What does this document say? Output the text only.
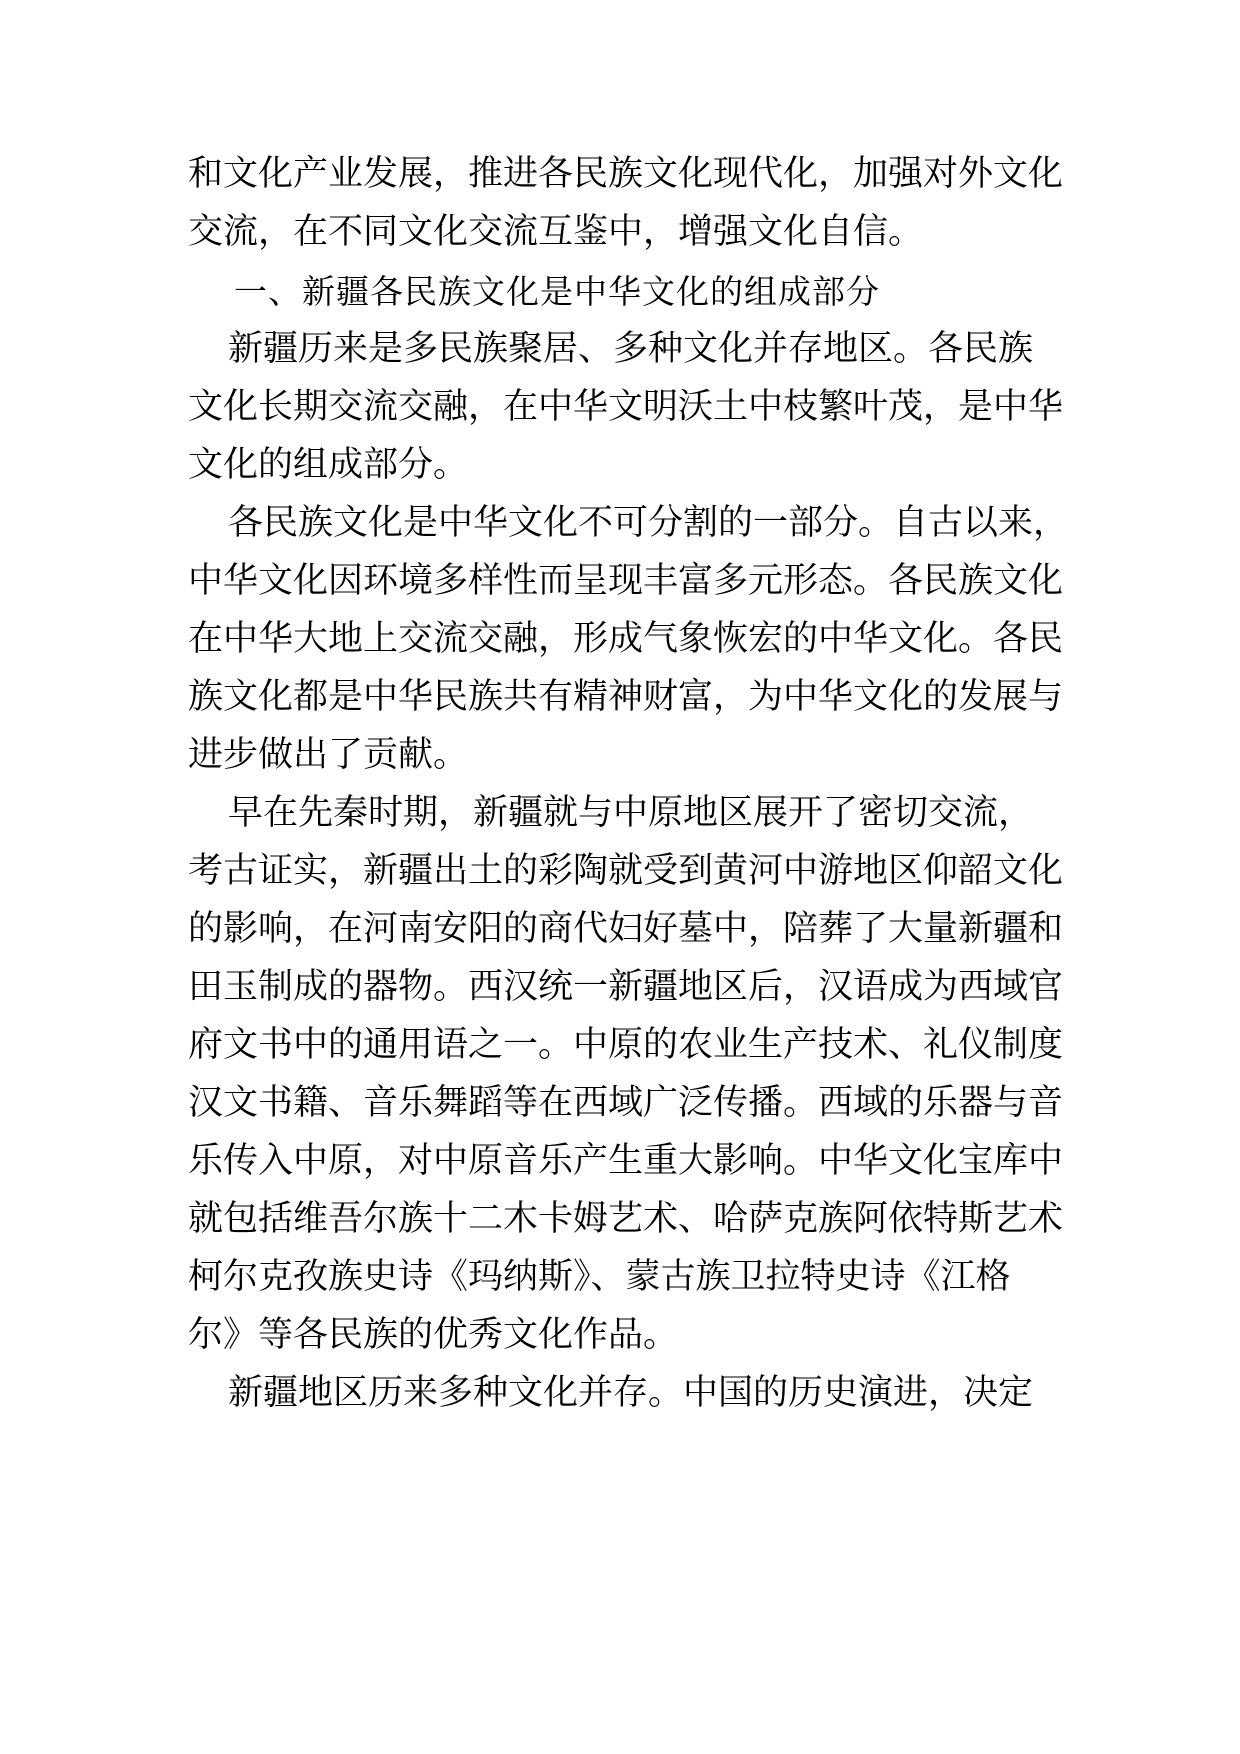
和文化产业发展，推进各民族文化现代化，加强对外文化
交流，在不同文化交流互鉴中，增强文化自信。
一、新疆各民族文化是中华文化的组成部分
新疆历来是多民族聚居、多种文化并存地区。各民族
文化长期交流交融，在中华文明沃土中枝繁叶茂，是中华
文化的组成部分。
各民族文化是中华文化不可分割的一部分。自古以来，
中华文化因环境多样性而呈现丰富多元形态。各民族文化
在中华大地上交流交融，形成气象恢宏的中华文化。各民
族文化都是中华民族共有精神财富，为中华文化的发展与
进步做出了贡献。
早在先秦时期，新疆就与中原地区展开了密切交流，
考古证实，新疆出土的彩陶就受到黄河中游地区仰韶文化
的影响，在河南安阳的商代妇好墓中，陪葬了大量新疆和
田玉制成的器物。西汉统一新疆地区后，汉语成为西域官
府文书中的通用语之一。中原的农业生产技术、礼仪制度
汉文书籍、音乐舞蹈等在西域广泛传播。西域的乐器与音
乐传入中原，对中原音乐产生重大影响。中华文化宝库中
就包括维吾尔族十二木卡姆艺术、哈萨克族阿依特斯艺术
柯尔克孜族史诗《玛纳斯》、蒙古族卫拉特史诗《江格
尔》等各民族的优秀文化作品。
新疆地区历来多种文化并存。中国的历史演进，决定
